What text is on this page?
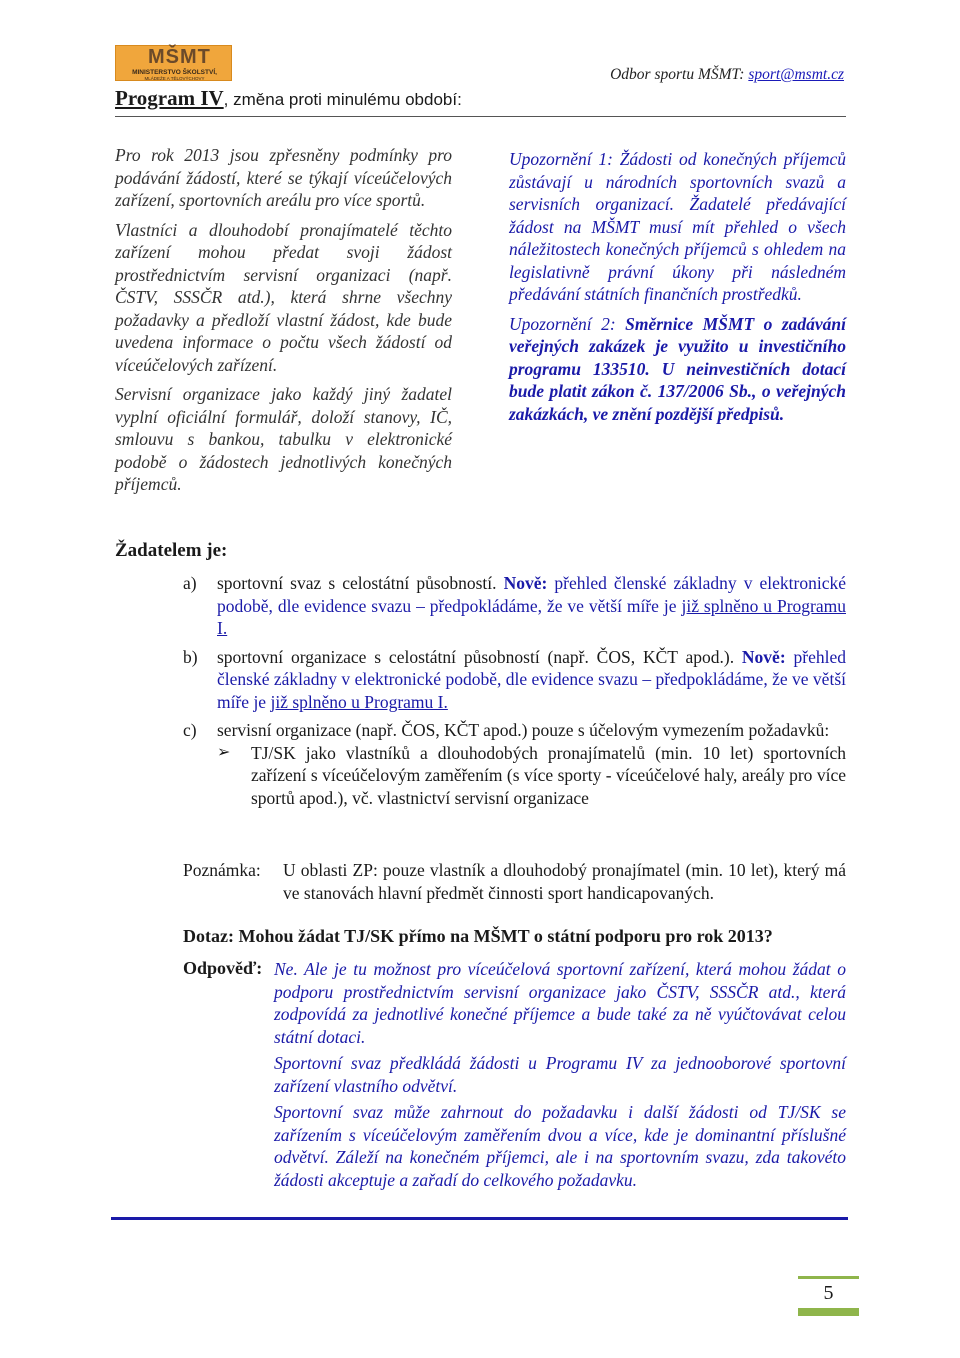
MŠMT
MINISTERSTVO ŠKOLSTVÍ,
MLÁDEŽE A TĚLOVÝCHOVY	Odbor sportu MŠMT: sport@msmt.cz
Program IV, změna proti minulému období:

Pro rok 2013 jsou zpřesněny podmínky pro podávání žádostí, které se týkají víceúčelových zařízení, sportovních areálu pro více sportů.

Vlastníci a dlouhodobí pronajímatelé těchto zařízení mohou předat svoji žádost prostřednictvím servisní organizaci (např. ČSTV, SSSČR atd.), která shrne všechny požadavky a předloží vlastní žádost, kde bude uvedena informace o počtu všech žádostí od víceúčelových zařízení.

Servisní organizace jako každý jiný žadatel vyplní oficiální formulář, doloží stanovy, IČ, smlouvu s bankou, tabulku v elektronické podobě o žádostech jednotlivých konečných příjemců.

Upozornění 1: Žádosti od konečných příjemců zůstávají u národních sportovních svazů a servisních organizací. Žadatelé předávající žádost na MŠMT musí mít přehled o všech náležitostech konečných příjemců s ohledem na legislativně právní úkony při následném předávání státních finančních prostředků.

Upozornění 2: Směrnice MŠMT o zadávání veřejných zakázek je využito u investičního programu 133510. U neinvestičních dotací bude platit zákon č. 137/2006 Sb., o veřejných zakázkách, ve znění pozdější předpisů.

Žadatelem je:
a) sportovní svaz s celostátní působností. Nově: přehled členské základny v elektronické podobě, dle evidence svazu – předpokládáme, že ve větší míře je již splněno u Programu I.
b) sportovní organizace s celostátní působností (např. ČOS, KČT apod.). Nově: přehled členské základny v elektronické podobě, dle evidence svazu – předpokládáme, že ve větší míře je již splněno u Programu I.
c) servisní organizace (např. ČOS, KČT apod.) pouze s účelovým vymezením požadavků:
➢ TJ/SK jako vlastníků a dlouhodobých pronajímatelů (min. 10 let) sportovních zařízení s víceúčelovým zaměřením (s více sporty - víceúčelové haly, areály pro více sportů apod.), vč. vlastnictví servisní organizace
Poznámka: U oblasti ZP: pouze vlastník a dlouhodobý pronajímatel (min. 10 let), který má ve stanovách hlavní předmět činnosti sport handicapovaných.
Dotaz: Mohou žádat TJ/SK přímo na MŠMT o státní podporu pro rok 2013?
Odpověď: Ne. Ale je tu možnost pro víceúčelová sportovní zařízení, která mohou žádat o podporu prostřednictvím servisní organizace jako ČSTV, SSSČR atd., která zodpovídá za jednotlivé konečné příjemce a bude také za ně vyúčtovávat celou státní dotaci.

Sportovní svaz předkládá žádosti u Programu IV za jednooborové sportovní zařízení vlastního odvětví.

Sportovní svaz může zahrnout do požadavku i další žádosti od TJ/SK se zařízením s víceúčelovým zaměřením dvou a více, kde je dominantní příslušné odvětví. Záleží na konečném příjemci, ale i na sportovním svazu, zda takovéto žádosti akceptuje a zařadí do celkového požadavku.

5
